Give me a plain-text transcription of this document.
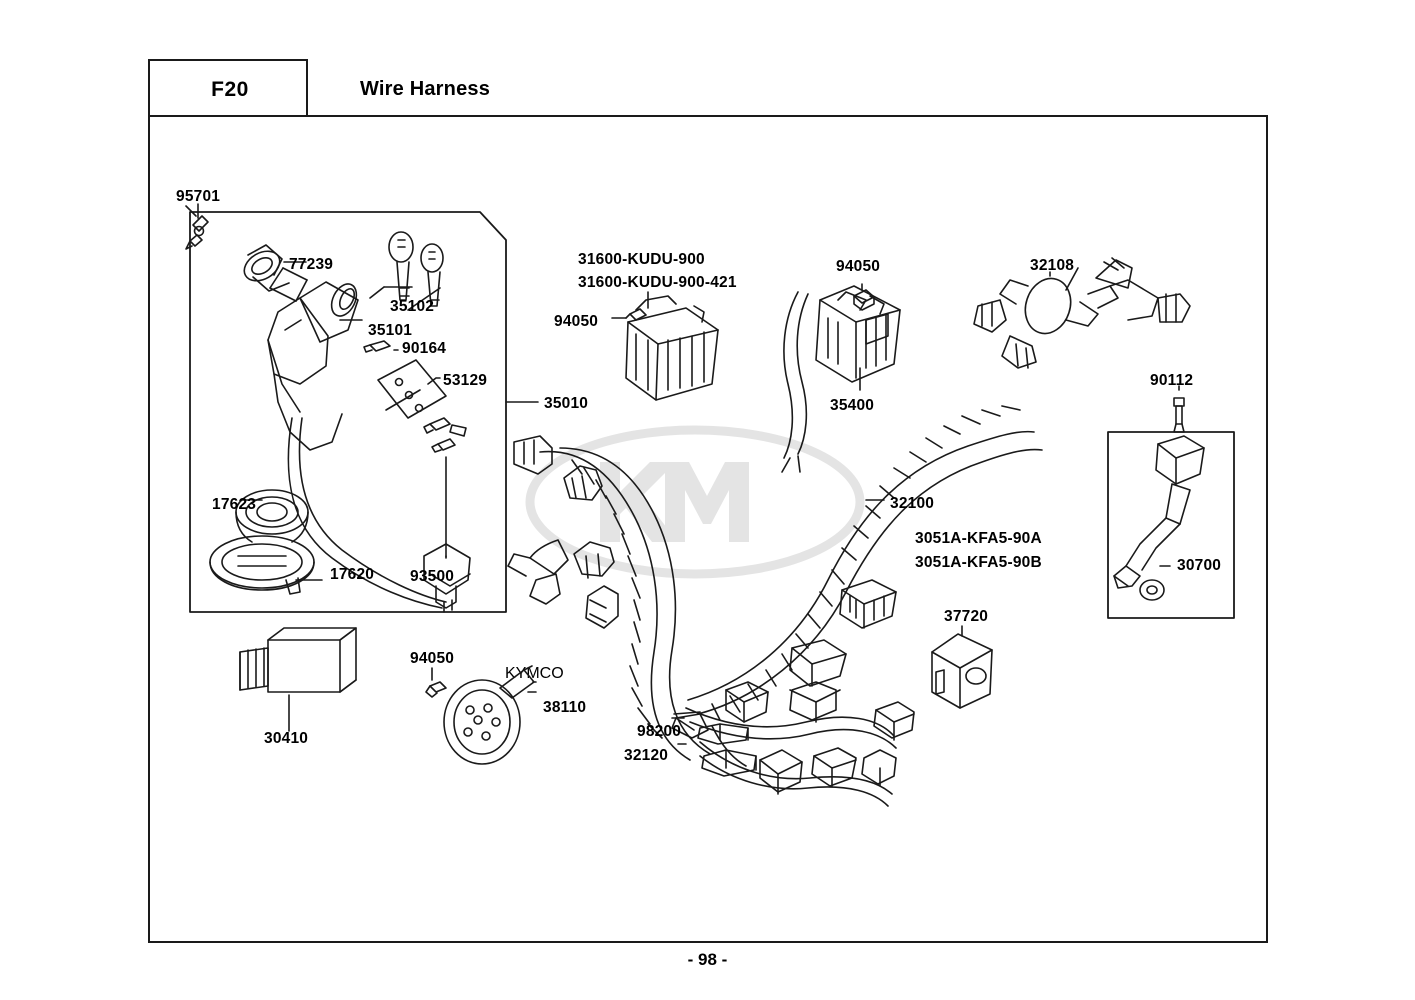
F20	Wire Harness
- 98 -
KYMCO
95701
77239
35102
35101
90164
53129
93500
17623
17620
35010
30410
94050
38110
31600-KUDU-900
31600-KUDU-900-421
94050
94050
35400
32108
90112
32100
3051A-KFA5-90A
3051A-KFA5-90B	30700
37720
98200
32120
